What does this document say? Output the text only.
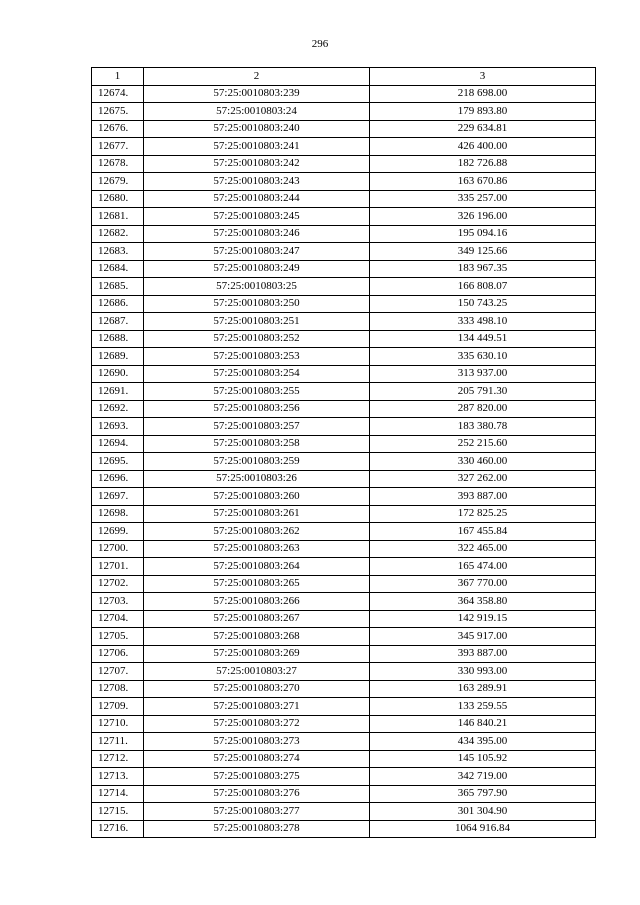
296
1	2	3
12674.	57:25:0010803:239	218 698.00
12675.	57:25:0010803:24	179 893.80
12676.	57:25:0010803:240	229 634.81
12677.	57:25:0010803:241	426 400.00
12678.	57:25:0010803:242	182 726.88
12679.	57:25:0010803:243	163 670.86
12680.	57:25:0010803:244	335 257.00
12681.	57:25:0010803:245	326 196.00
12682.	57:25:0010803:246	195 094.16
12683.	57:25:0010803:247	349 125.66
12684.	57:25:0010803:249	183 967.35
12685.	57:25:0010803:25	166 808.07
12686.	57:25:0010803:250	150 743.25
12687.	57:25:0010803:251	333 498.10
12688.	57:25:0010803:252	134 449.51
12689.	57:25:0010803:253	335 630.10
12690.	57:25:0010803:254	313 937.00
12691.	57:25:0010803:255	205 791.30
12692.	57:25:0010803:256	287 820.00
12693.	57:25:0010803:257	183 380.78
12694.	57:25:0010803:258	252 215.60
12695.	57:25:0010803:259	330 460.00
12696.	57:25:0010803:26	327 262.00
12697.	57:25:0010803:260	393 887.00
12698.	57:25:0010803:261	172 825.25
12699.	57:25:0010803:262	167 455.84
12700.	57:25:0010803:263	322 465.00
12701.	57:25:0010803:264	165 474.00
12702.	57:25:0010803:265	367 770.00
12703.	57:25:0010803:266	364 358.80
12704.	57:25:0010803:267	142 919.15
12705.	57:25:0010803:268	345 917.00
12706.	57:25:0010803:269	393 887.00
12707.	57:25:0010803:27	330 993.00
12708.	57:25:0010803:270	163 289.91
12709.	57:25:0010803:271	133 259.55
12710.	57:25:0010803:272	146 840.21
12711.	57:25:0010803:273	434 395.00
12712.	57:25:0010803:274	145 105.92
12713.	57:25:0010803:275	342 719.00
12714.	57:25:0010803:276	365 797.90
12715.	57:25:0010803:277	301 304.90
12716.	57:25:0010803:278	1064 916.84
